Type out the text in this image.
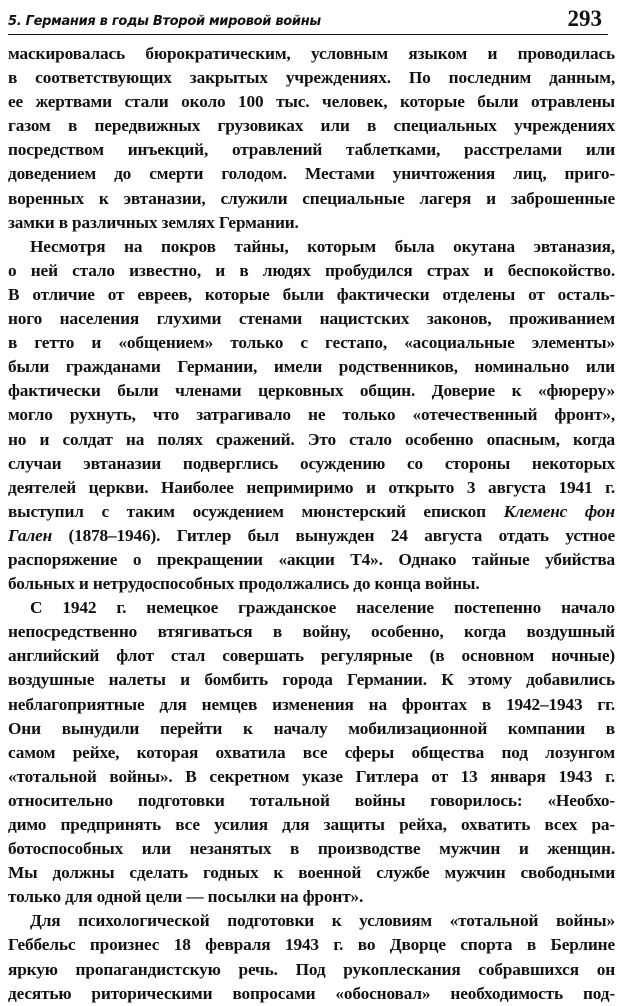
5. Германия в годы Второй мировой войны	293
маскировалась бюрократическим, условным языком и проводилась
в соответствующих закрытых учреждениях. По последним данным,
ее жертвами стали около 100 тыс. человек, которые были отравлены
газом в передвижных грузовиках или в специальных учреждениях
посредством инъекций, отравлений таблетками, расстрелами или
доведением до смерти голодом. Местами уничтожения лиц, приго-
воренных к эвтаназии, служили специальные лагеря и заброшенные
замки в различных землях Германии.
Несмотря на покров тайны, которым была окутана эвтаназия,
о ней стало известно, и в людях пробудился страх и беспокойство.
В отличие от евреев, которые были фактически отделены от осталь-
ного населения глухими стенами нацистских законов, проживанием
в гетто и «общением» только с гестапо, «асоциальные элементы»
были гражданами Германии, имели родственников, номинально или
фактически были членами церковных общин. Доверие к «фюреру»
могло рухнуть, что затрагивало не только «отечественный фронт»,
но и солдат на полях сражений. Это стало особенно опасным, когда
случаи эвтаназии подверглись осуждению со стороны некоторых
деятелей церкви. Наиболее непримиримо и открыто 3 августа 1941 г.
выступил с таким осуждением мюнстерский епископ Клеменс фон
Гален (1878–1946). Гитлер был вынужден 24 августа отдать устное
распоряжение о прекращении «акции Т4». Однако тайные убийства
больных и нетрудоспособных продолжались до конца войны.
С 1942 г. немецкое гражданское население постепенно начало
непосредственно втягиваться в войну, особенно, когда воздушный
английский флот стал совершать регулярные (в основном ночные)
воздушные налеты и бомбить города Германии. К этому добавились
неблагоприятные для немцев изменения на фронтах в 1942–1943 гг.
Они вынудили перейти к началу мобилизационной компании в
самом рейхе, которая охватила все сферы общества под лозунгом
«тотальной войны». В секретном указе Гитлера от 13 января 1943 г.
относительно подготовки тотальной войны говорилось: «Необхо-
димо предпринять все усилия для защиты рейха, охватить всех ра-
ботоспособных или незанятых в производстве мужчин и женщин.
Мы должны сделать годных к военной службе мужчин свободными
только для одной цели — посылки на фронт».
Для психологической подготовки к условиям «тотальной войны»
Геббельс произнес 18 февраля 1943 г. во Дворце спорта в Берлине
яркую пропагандистскую речь. Под рукоплескания собравшихся он
десятью риторическими вопросами «обосновал» необходимость под-
